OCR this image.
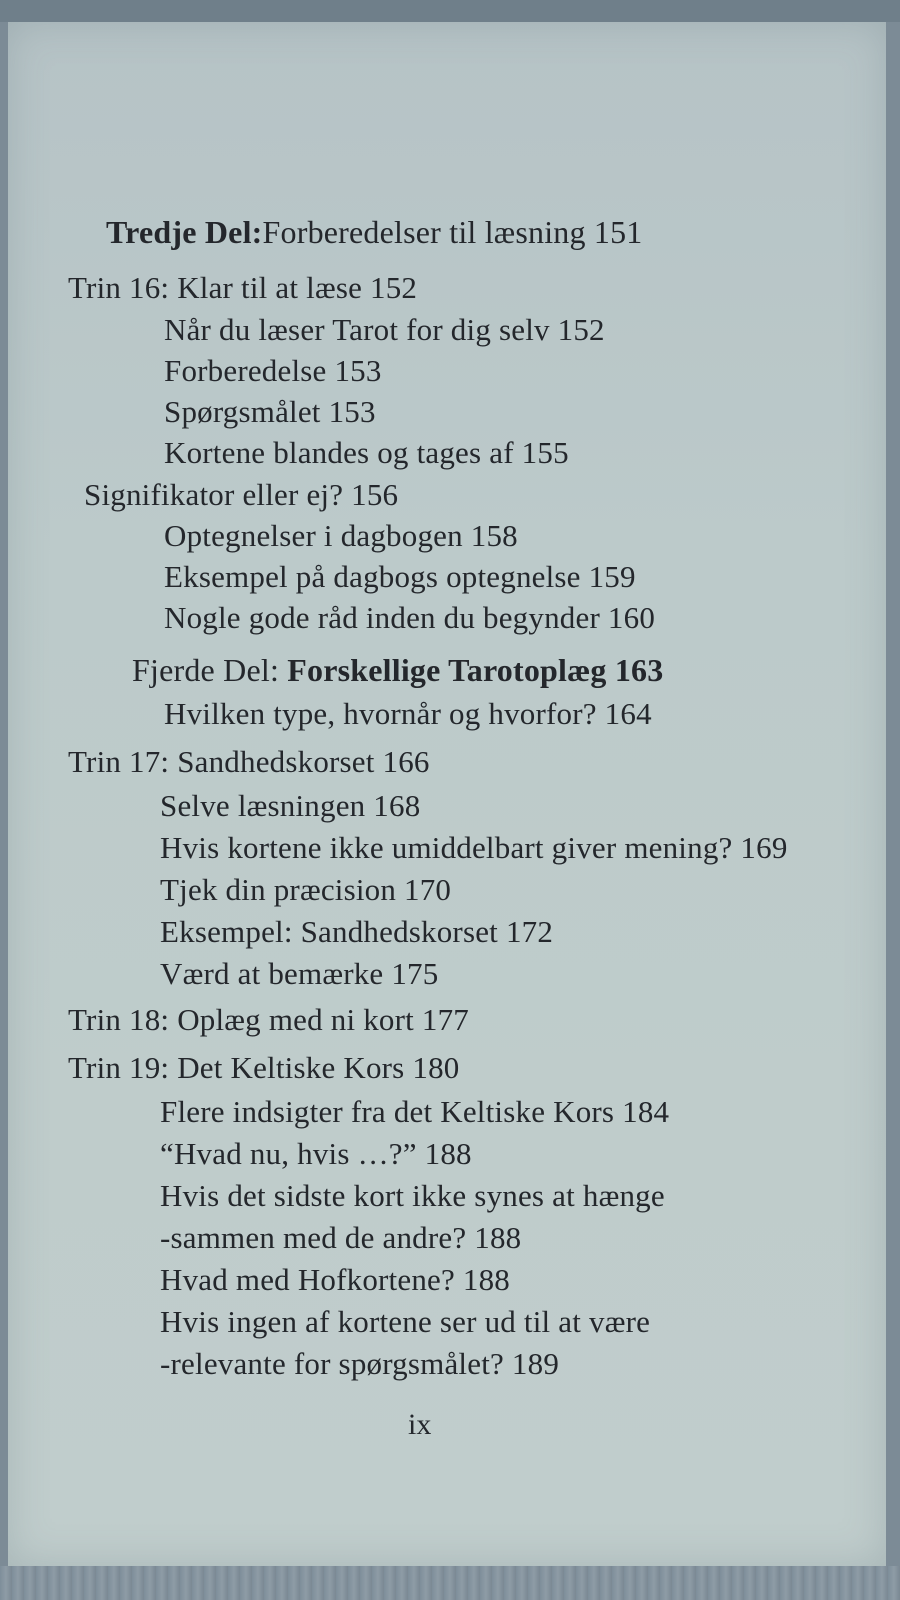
Tredje Del:Forberedelser til læsning 151
Trin 16: Klar til at læse 152
Når du læser Tarot for dig selv 152
Forberedelse 153
Spørgsmålet 153
Kortene blandes og tages af 155
Signifikator eller ej? 156
Optegnelser i dagbogen 158
Eksempel på dagbogs optegnelse 159
Nogle gode råd inden du begynder 160
Fjerde Del: Forskellige Tarotoplæg 163
Hvilken type, hvornår og hvorfor? 164
Trin 17: Sandhedskorset 166
Selve læsningen 168
Hvis kortene ikke umiddelbart giver mening? 169
Tjek din præcision 170
Eksempel: Sandhedskorset 172
Værd at bemærke 175
Trin 18: Oplæg med ni kort 177
Trin 19: Det Keltiske Kors 180
Flere indsigter fra det Keltiske Kors 184
“Hvad nu, hvis …?” 188
Hvis det sidste kort ikke synes at hænge
-sammen med de andre? 188
Hvad med Hofkortene? 188
Hvis ingen af kortene ser ud til at være
-relevante for spørgsmålet? 189
ix
